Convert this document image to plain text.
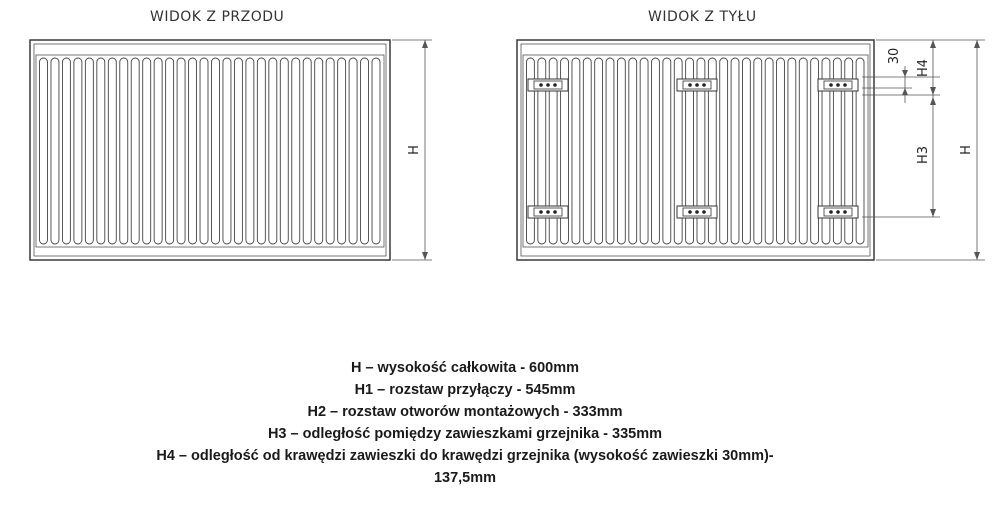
WIDOK Z PRZODU	WIDOK Z TYŁU
H
30
H4
H3 H
H – wysokość całkowita - 600mm
H1 – rozstaw przyłączy - 545mm
H2 – rozstaw otworów montażowych - 333mm
H3 – odległość pomiędzy zawieszkami grzejnika - 335mm
H4 – odległość od krawędzi zawieszki do krawędzi grzejnika (wysokość zawieszki 30mm)-
137,5mm
